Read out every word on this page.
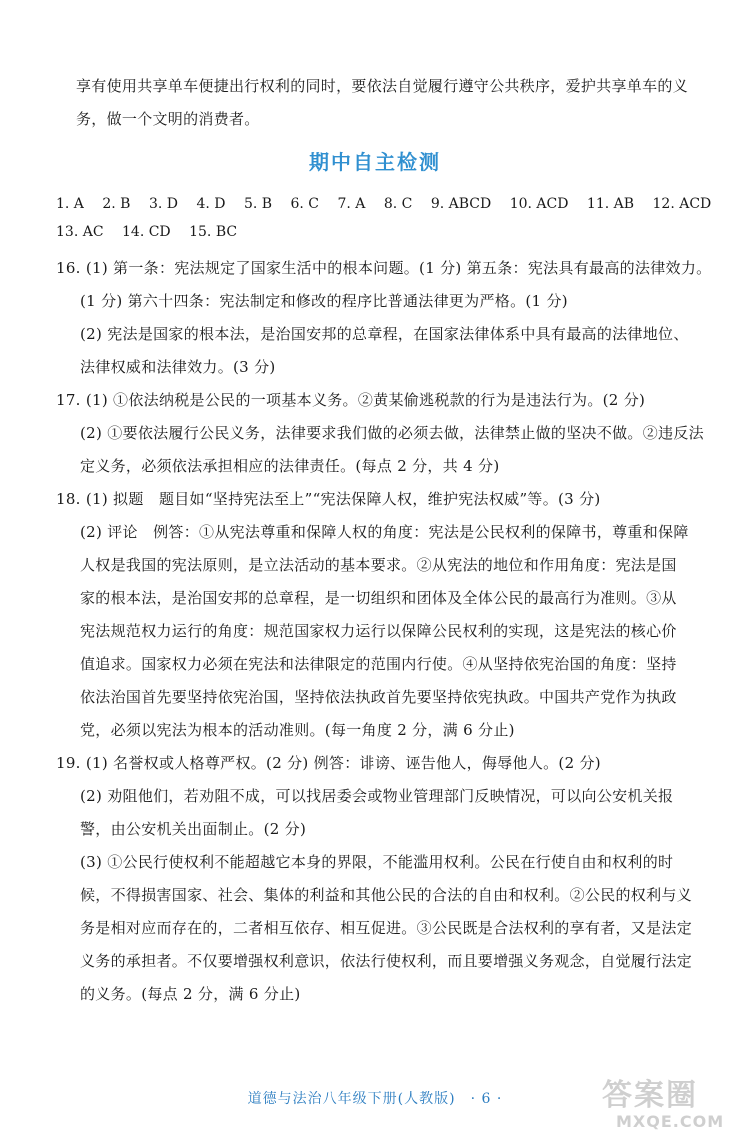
享有使用共享单车便捷出行权利的同时，要依法自觉履行遵守公共秩序，爱护共享单车的义
务，做一个文明的消费者。
期中自主检测
1. A 2. B 3. D 4. D 5. B 6. C 7. A 8. C 9. ABCD 10. ACD 11. AB 12. ACD
13. AC 14. CD 15. BC
16. (1) 第一条：宪法规定了国家生活中的根本问题。(1 分) 第五条：宪法具有最高的法律效力。
(1 分) 第六十四条：宪法制定和修改的程序比普通法律更为严格。(1 分)
(2) 宪法是国家的根本法，是治国安邦的总章程，在国家法律体系中具有最高的法律地位、
法律权威和法律效力。(3 分)
17. (1) ①依法纳税是公民的一项基本义务。②黄某偷逃税款的行为是违法行为。(2 分)
(2) ①要依法履行公民义务，法律要求我们做的必须去做，法律禁止做的坚决不做。②违反法
定义务，必须依法承担相应的法律责任。(每点 2 分，共 4 分)
18. (1) 拟题　题目如“坚持宪法至上”“宪法保障人权，维护宪法权威”等。(3 分)
(2) 评论　例答：①从宪法尊重和保障人权的角度：宪法是公民权利的保障书，尊重和保障
人权是我国的宪法原则，是立法活动的基本要求。②从宪法的地位和作用角度：宪法是国
家的根本法，是治国安邦的总章程，是一切组织和团体及全体公民的最高行为准则。③从
宪法规范权力运行的角度：规范国家权力运行以保障公民权利的实现，这是宪法的核心价
值追求。国家权力必须在宪法和法律限定的范围内行使。④从坚持依宪治国的角度：坚持
依法治国首先要坚持依宪治国，坚持依法执政首先要坚持依宪执政。中国共产党作为执政
党，必须以宪法为根本的活动准则。(每一角度 2 分，满 6 分止)
19. (1) 名誉权或人格尊严权。(2 分) 例答：诽谤、诬告他人，侮辱他人。(2 分)
(2) 劝阻他们，若劝阻不成，可以找居委会或物业管理部门反映情况，可以向公安机关报
警，由公安机关出面制止。(2 分)
(3) ①公民行使权利不能超越它本身的界限，不能滥用权利。公民在行使自由和权利的时
候，不得损害国家、社会、集体的利益和其他公民的合法的自由和权利。②公民的权利与义
务是相对应而存在的，二者相互依存、相互促进。③公民既是合法权利的享有者，又是法定
义务的承担者。不仅要增强权利意识，依法行使权利，而且要增强义务观念，自觉履行法定
的义务。(每点 2 分，满 6 分止)
道德与法治八年级下册(人教版)　· 6 ·	答案圈
MXQE.COM
